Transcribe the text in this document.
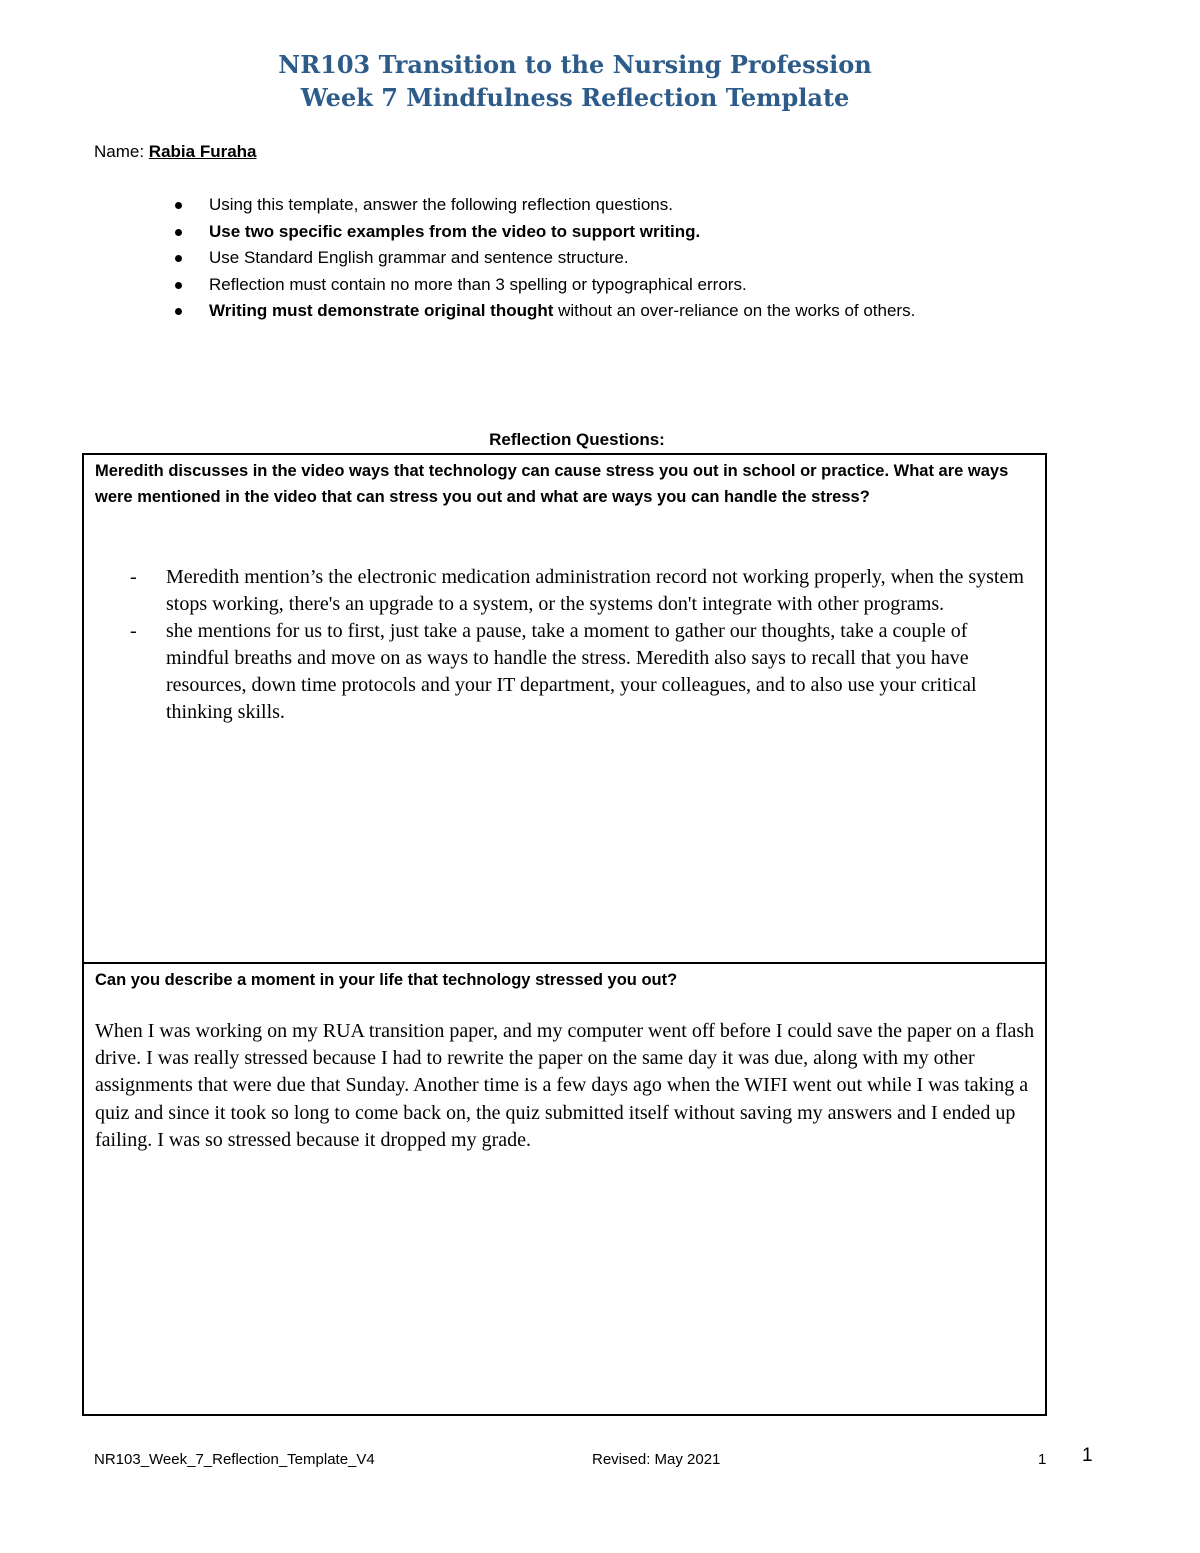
NR103 Transition to the Nursing Profession
Week 7 Mindfulness Reflection Template
Name: Rabia Furaha
Using this template, answer the following reflection questions.
Use two specific examples from the video to support writing.
Use Standard English grammar and sentence structure.
Reflection must contain no more than 3 spelling or typographical errors.
Writing must demonstrate original thought without an over-reliance on the works of others.
Reflection Questions:
Meredith discusses in the video ways that technology can cause stress you out in school or practice. What are ways were mentioned in the video that can stress you out and what are ways you can handle the stress?
- Meredith mention’s the electronic medication administration record not working properly, when the system stops working, there's an upgrade to a system, or the systems don't integrate with other programs.
- she mentions for us to first, just take a pause, take a moment to gather our thoughts, take a couple of mindful breaths and move on as ways to handle the stress. Meredith also says to recall that you have resources, down time protocols and your IT department, your colleagues, and to also use your critical thinking skills.
Can you describe a moment in your life that technology stressed you out?
When I was working on my RUA transition paper, and my computer went off before I could save the paper on a flash drive. I was really stressed because I had to rewrite the paper on the same day it was due, along with my other assignments that were due that Sunday. Another time is a few days ago when the WIFI went out while I was taking a quiz and since it took so long to come back on, the quiz submitted itself without saving my answers and I ended up failing. I was so stressed because it dropped my grade.
NR103_Week_7_Reflection_Template_V4	Revised: May 2021	1 1
